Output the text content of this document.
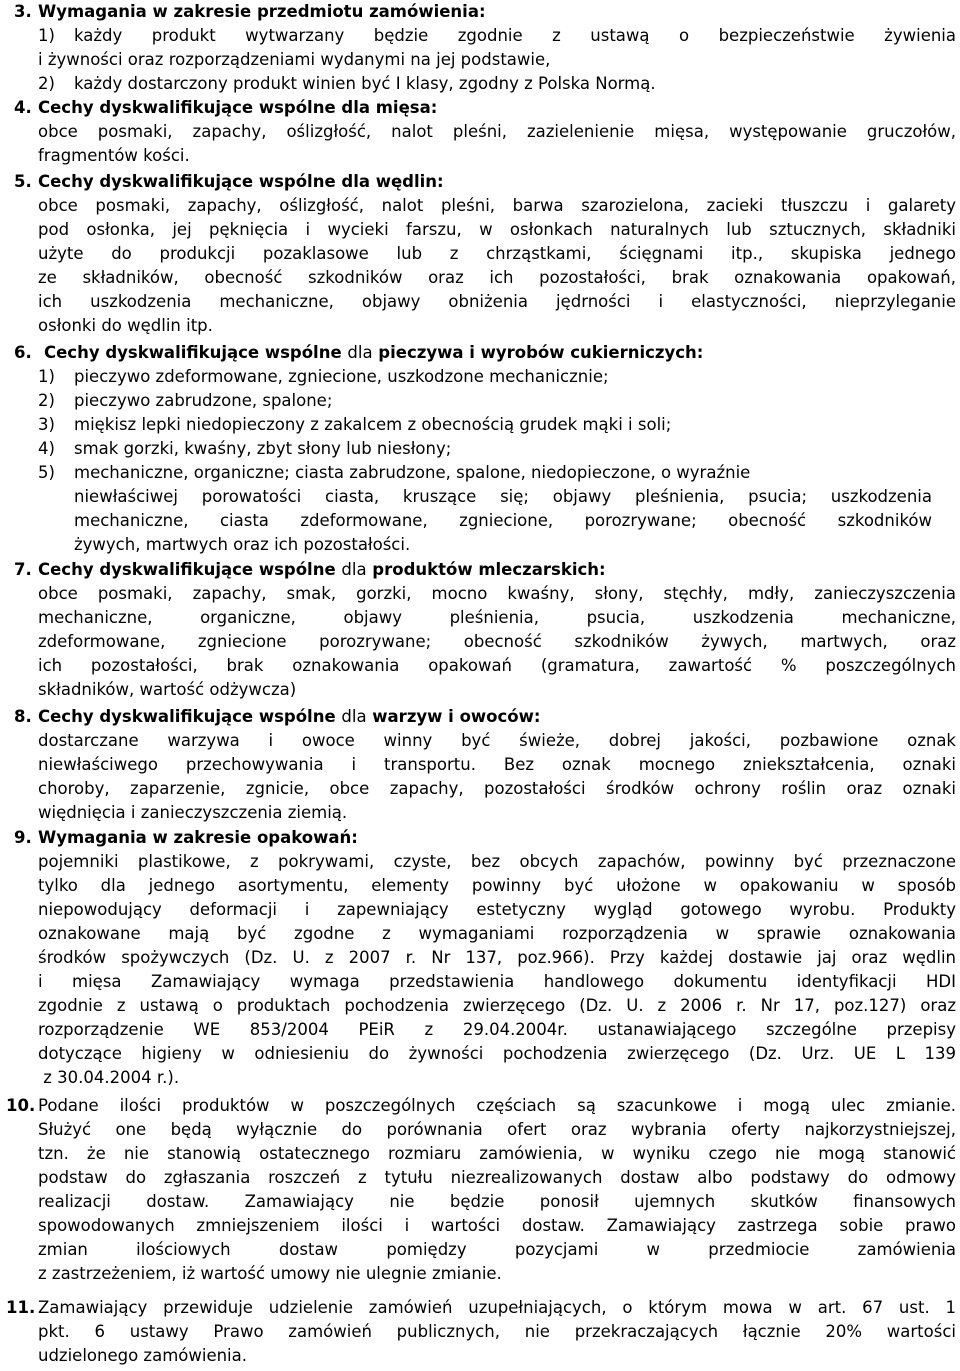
3. Wymagania w zakresie przedmiotu zamówienia:
1) każdy produkt wytwarzany będzie zgodnie z ustawą o bezpieczeństwie żywienia
i żywności oraz rozporządzeniami wydanymi na jej podstawie,
2) każdy dostarczony produkt winien być I klasy, zgodny z Polska Normą.
4. Cechy dyskwalifikujące wspólne dla mięsa:
obce posmaki, zapachy, oślizgłość, nalot pleśni, zazielenienie mięsa, występowanie gruczołów,
fragmentów kości.
5. Cechy dyskwalifikujące wspólne dla wędlin:
obce posmaki, zapachy, oślizgłość, nalot pleśni, barwa szarozielona, zacieki tłuszczu i galarety
pod osłonka, jej pęknięcia i wycieki farszu, w osłonkach naturalnych lub sztucznych, składniki
użyte do produkcji pozaklasowe lub z chrząstkami, ścięgnami itp., skupiska jednego
ze składników, obecność szkodników oraz ich pozostałości, brak oznakowania opakowań,
ich uszkodzenia mechaniczne, objawy obniżenia jędrności i elastyczności, nieprzyleganie
osłonki do wędlin itp.
6. Cechy dyskwalifikujące wspólne dla pieczywa i wyrobów cukierniczych:
1) pieczywo zdeformowane, zgniecione, uszkodzone mechanicznie;
2) pieczywo zabrudzone, spalone;
3) miękisz lepki niedopieczony z zakalcem z obecnością grudek mąki i soli;
4) smak gorzki, kwaśny, zbyt słony lub niesłony;
5) mechaniczne, organiczne; ciasta zabrudzone, spalone, niedopieczone, o wyraźnie
niewłaściwej porowatości ciasta, kruszące się; objawy pleśnienia, psucia; uszkodzenia
mechaniczne, ciasta zdeformowane, zgniecione, porozrywane; obecność szkodników
żywych, martwych oraz ich pozostałości.
7. Cechy dyskwalifikujące wspólne dla produktów mleczarskich:
obce posmaki, zapachy, smak, gorzki, mocno kwaśny, słony, stęchły, mdły, zanieczyszczenia
mechaniczne, organiczne, objawy pleśnienia, psucia, uszkodzenia mechaniczne,
zdeformowane, zgniecione porozrywane; obecność szkodników żywych, martwych, oraz
ich pozostałości, brak oznakowania opakowań (gramatura, zawartość % poszczególnych
składników, wartość odżywcza)
8. Cechy dyskwalifikujące wspólne dla warzyw i owoców:
dostarczane warzywa i owoce winny być świeże, dobrej jakości, pozbawione oznak
niewłaściwego przechowywania i transportu. Bez oznak mocnego zniekształcenia, oznaki
choroby, zaparzenie, zgnicie, obce zapachy, pozostałości środków ochrony roślin oraz oznaki
więdnięcia i zanieczyszczenia ziemią.
9. Wymagania w zakresie opakowań:
pojemniki plastikowe, z pokrywami, czyste, bez obcych zapachów, powinny być przeznaczone
tylko dla jednego asortymentu, elementy powinny być ułożone w opakowaniu w sposób
niepowodujący deformacji i zapewniający estetyczny wygląd gotowego wyrobu. Produkty
oznakowane mają być zgodne z wymaganiami rozporządzenia w sprawie oznakowania
środków spożywczych (Dz. U. z 2007 r. Nr 137, poz.966). Przy każdej dostawie jaj oraz wędlin
i mięsa Zamawiający wymaga przedstawienia handlowego dokumentu identyfikacji HDI
zgodnie z ustawą o produktach pochodzenia zwierzęcego (Dz. U. z 2006 r. Nr 17, poz.127) oraz
rozporządzenie WE 853/2004 PEiR z 29.04.2004r. ustanawiającego szczególne przepisy
dotyczące higieny w odniesieniu do żywności pochodzenia zwierzęcego (Dz. Urz. UE L 139
z 30.04.2004 r.).
10. Podane ilości produktów w poszczególnych częściach są szacunkowe i mogą ulec zmianie.
Służyć one będą wyłącznie do porównania ofert oraz wybrania oferty najkorzystniejszej,
tzn. że nie stanowią ostatecznego rozmiaru zamówienia, w wyniku czego nie mogą stanowić
podstaw do zgłaszania roszczeń z tytułu niezrealizowanych dostaw albo podstawy do odmowy
realizacji dostaw. Zamawiający nie będzie ponosił ujemnych skutków finansowych
spowodowanych zmniejszeniem ilości i wartości dostaw. Zamawiający zastrzega sobie prawo
zmian ilościowych dostaw pomiędzy pozycjami w przedmiocie zamówienia
z zastrzeżeniem, iż wartość umowy nie ulegnie zmianie.
11. Zamawiający przewiduje udzielenie zamówień uzupełniających, o którym mowa w art. 67 ust. 1
pkt. 6 ustawy Prawo zamówień publicznych, nie przekraczających łącznie 20% wartości
udzielonego zamówienia.
